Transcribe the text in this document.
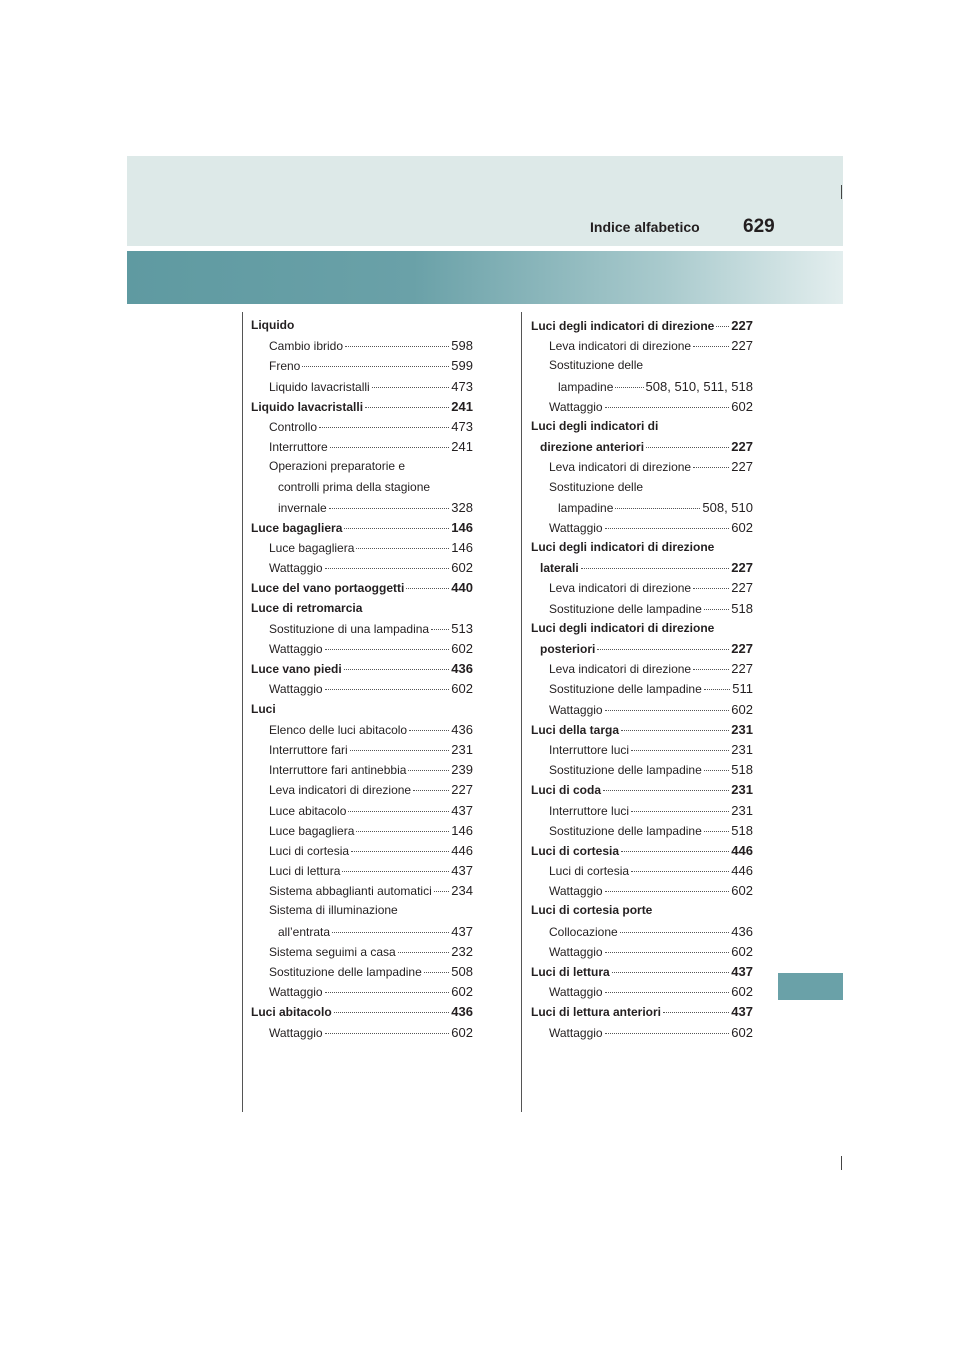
Indice alfabetico 629
Liquido
Cambio ibrido	598
Freno	599
Liquido lavacristalli	473
Liquido lavacristalli	241
Controllo	473
Interruttore	241
Operazioni preparatorie e
controlli prima della stagione
invernale	328
Luce bagagliera	146
Luce bagagliera	146
Wattaggio	602
Luce del vano portaoggetti	440
Luce di retromarcia
Sostituzione di una lampadina 513
Wattaggio	602
Luce vano piedi	436
Wattaggio	602
Luci
Elenco delle luci abitacolo	436
Interruttore fari	231
Interruttore fari antinebbia	239
Leva indicatori di direzione	227
Luce abitacolo	437
Luce bagagliera	146
Luci di cortesia	446
Luci di lettura	437
Sistema abbaglianti automatici 234
Sistema di illuminazione
all’entrata	437
Sistema seguimi a casa	232
Sostituzione delle lampadine 508
Wattaggio	602
Luci abitacolo	436
Wattaggio	602
Luci degli indicatori di direzione 227
Leva indicatori di direzione	227
Sostituzione delle
lampadine 508, 510, 511, 518
Wattaggio	602
Luci degli indicatori di
direzione anteriori	227
Leva indicatori di direzione	227
Sostituzione delle
lampadine	508, 510
Wattaggio	602
Luci degli indicatori di direzione
laterali	227
Leva indicatori di direzione	227
Sostituzione delle lampadine 518
Luci degli indicatori di direzione
posteriori	227
Leva indicatori di direzione	227
Sostituzione delle lampadine 511
Wattaggio	602
Luci della targa	231
Interruttore luci	231
Sostituzione delle lampadine 518
Luci di coda	231
Interruttore luci	231
Sostituzione delle lampadine 518
Luci di cortesia	446
Luci di cortesia	446
Wattaggio	602
Luci di cortesia porte
Collocazione	436
Wattaggio	602
Luci di lettura	437
Wattaggio	602
Luci di lettura anteriori	437
Wattaggio	602
